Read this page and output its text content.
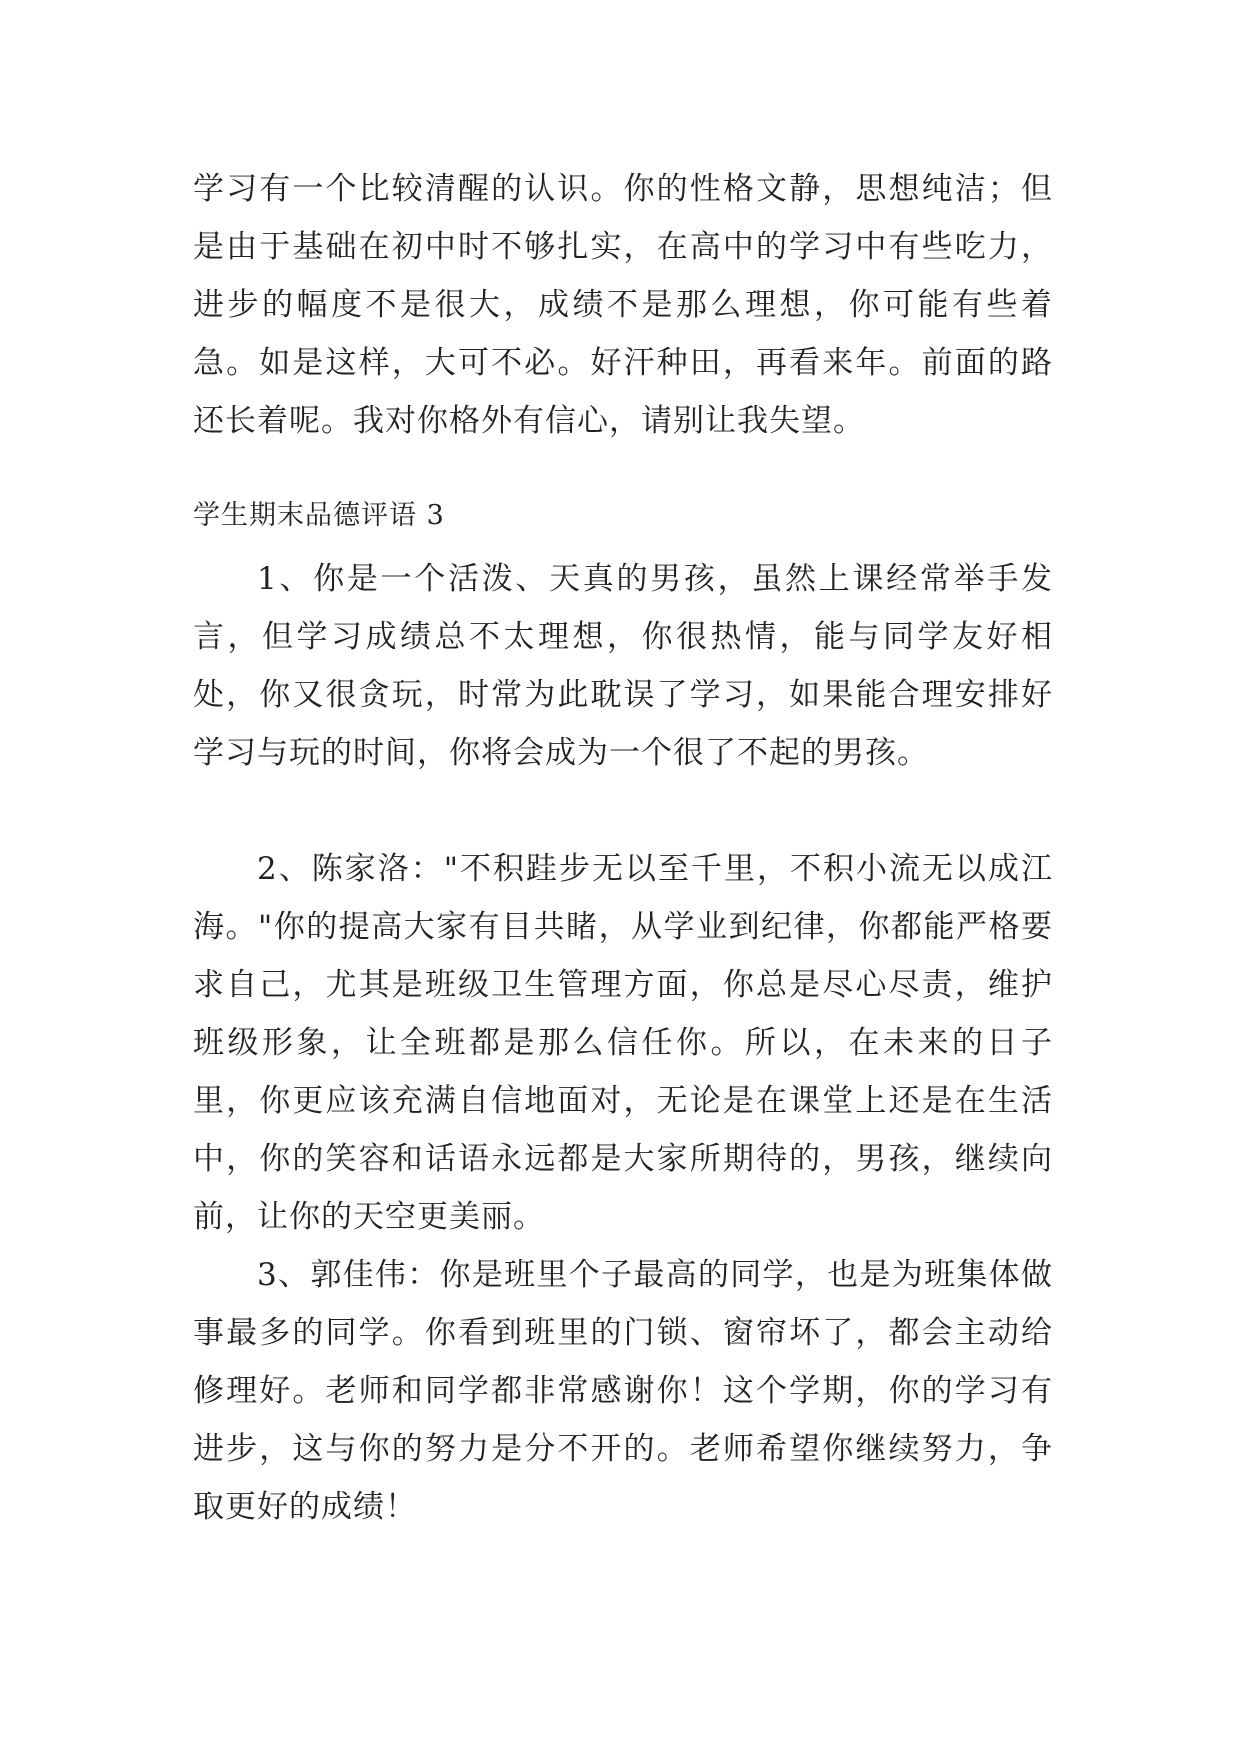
学习有一个比较清醒的认识。你的性格文静，思想纯洁；但是由于基础在初中时不够扎实，在高中的学习中有些吃力，进步的幅度不是很大，成绩不是那么理想，你可能有些着急。如是这样，大可不必。好汗种田，再看来年。前面的路还长着呢。我对你格外有信心，请别让我失望。

学生期末品德评语 3

1、你是一个活泼、天真的男孩，虽然上课经常举手发言，但学习成绩总不太理想，你很热情，能与同学友好相处，你又很贪玩，时常为此耽误了学习，如果能合理安排好学习与玩的时间，你将会成为一个很了不起的男孩。

2、陈家洛："不积跬步无以至千里，不积小流无以成江海。"你的提高大家有目共睹，从学业到纪律，你都能严格要求自己，尤其是班级卫生管理方面，你总是尽心尽责，维护班级形象，让全班都是那么信任你。所以，在未来的日子里，你更应该充满自信地面对，无论是在课堂上还是在生活中，你的笑容和话语永远都是大家所期待的，男孩，继续向前，让你的天空更美丽。

3、郭佳伟：你是班里个子最高的同学，也是为班集体做事最多的同学。你看到班里的门锁、窗帘坏了，都会主动给修理好。老师和同学都非常感谢你！这个学期，你的学习有进步，这与你的努力是分不开的。老师希望你继续努力，争取更好的成绩！
